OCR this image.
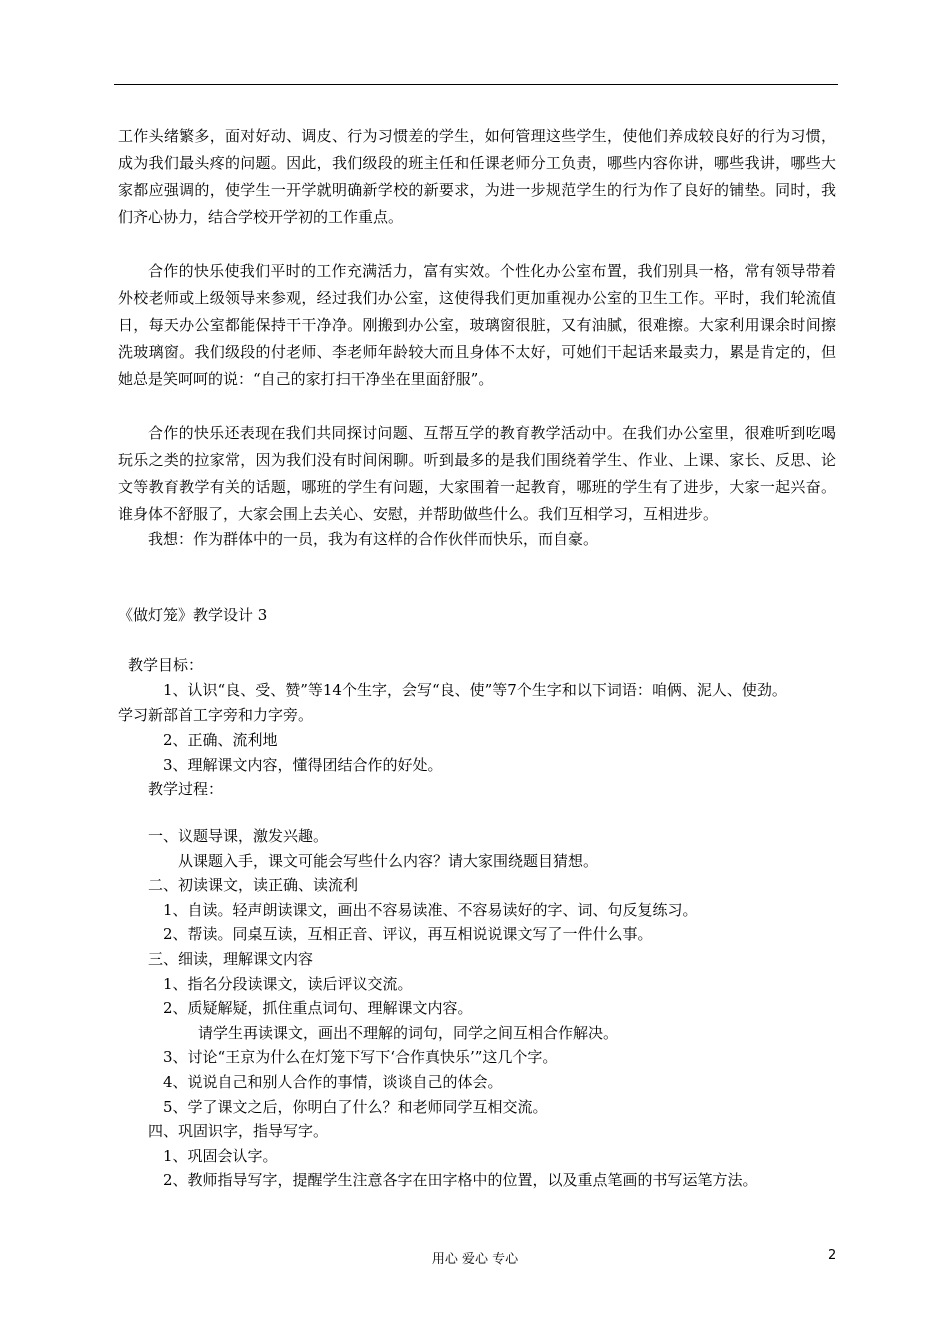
工作头绪繁多，面对好动、调皮、行为习惯差的学生，如何管理这些学生，使他们养成较良好的行为习惯，成为我们最头疼的问题。因此，我们级段的班主任和任课老师分工负责，哪些内容你讲，哪些我讲，哪些大家都应强调的，使学生一开学就明确新学校的新要求，为进一步规范学生的行为作了良好的铺垫。同时，我们齐心协力，结合学校开学初的工作重点。

合作的快乐使我们平时的工作充满活力，富有实效。个性化办公室布置，我们别具一格，常有领导带着外校老师或上级领导来参观，经过我们办公室，这使得我们更加重视办公室的卫生工作。平时，我们轮流值日，每天办公室都能保持干干净净。刚搬到办公室，玻璃窗很脏，又有油腻，很难擦。大家利用课余时间擦洗玻璃窗。我们级段的付老师、李老师年龄较大而且身体不太好，可她们干起话来最卖力，累是肯定的，但她总是笑呵呵的说：“自己的家打扫干净坐在里面舒服”。

合作的快乐还表现在我们共同探讨问题、互帮互学的教育教学活动中。在我们办公室里，很难听到吃喝玩乐之类的拉家常，因为我们没有时间闲聊。听到最多的是我们围绕着学生、作业、上课、家长、反思、论文等教育教学有关的话题，哪班的学生有问题，大家围着一起教育，哪班的学生有了进步，大家一起兴奋。谁身体不舒服了，大家会围上去关心、安慰，并帮助做些什么。我们互相学习，互相进步。

我想：作为群体中的一员，我为有这样的合作伙伴而快乐，而自豪。

《做灯笼》教学设计 3
教学目标：
1、认识“良、受、赞”等14个生字，会写“良、使”等7个生字和以下词语：咱俩、泥人、使劲。
学习新部首工字旁和力字旁。
2、正确、流利地
3、理解课文内容，懂得团结合作的好处。
教学过程：
一、议题导课，激发兴趣。
从课题入手，课文可能会写些什么内容？请大家围绕题目猜想。
二、初读课文，读正确、读流利
1、自读。轻声朗读课文，画出不容易读准、不容易读好的字、词、句反复练习。
2、帮读。同桌互读，互相正音、评议，再互相说说课文写了一件什么事。
三、细读，理解课文内容
1、指名分段读课文，读后评议交流。
2、质疑解疑，抓住重点词句、理解课文内容。
请学生再读课文，画出不理解的词句，同学之间互相合作解决。
3、讨论“王京为什么在灯笼下写下‘合作真快乐’”这几个字。
4、说说自己和别人合作的事情，谈谈自己的体会。
5、学了课文之后，你明白了什么？和老师同学互相交流。
四、巩固识字，指导写字。
1、巩固会认字。
2、教师指导写字，提醒学生注意各字在田字格中的位置，以及重点笔画的书写运笔方法。
用心 爱心 专心	2
